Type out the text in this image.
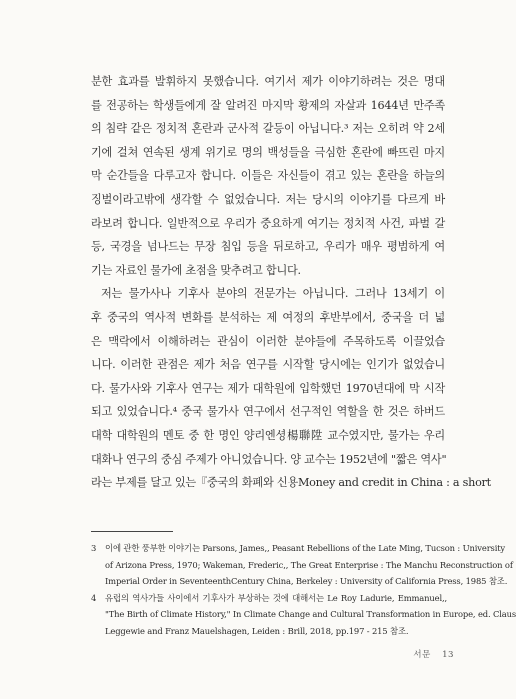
분한 효과를 발휘하지 못했습니다. 여기서 제가 이야기하려는 것은 명대
를 전공하는 학생들에게 잘 알려진 마지막 황제의 자살과 1644년 만주족
의 침략 같은 정치적 혼란과 군사적 갈등이 아닙니다.³ 저는 오히려 약 2세
기에 걸쳐 연속된 생계 위기로 명의 백성들을 극심한 혼란에 빠뜨린 마지
막 순간들을 다루고자 합니다. 이들은 자신들이 겪고 있는 혼란을 하늘의
징벌이라고밖에 생각할 수 없었습니다. 저는 당시의 이야기를 다르게 바
라보려 합니다. 일반적으로 우리가 중요하게 여기는 정치적 사건, 파벌 갈
등, 국경을 넘나드는 무장 침입 등을 뒤로하고, 우리가 매우 평범하게 여
기는 자료인 물가에 초점을 맞추려고 합니다.
저는 물가사나 기후사 분야의 전문가는 아닙니다. 그러나 13세기 이
후 중국의 역사적 변화를 분석하는 제 여정의 후반부에서, 중국을 더 넓
은 맥락에서 이해하려는 관심이 이러한 분야들에 주목하도록 이끌었습
니다. 이러한 관점은 제가 처음 연구를 시작할 당시에는 인기가 없었습니
다. 물가사와 기후사 연구는 제가 대학원에 입학했던 1970년대에 막 시작
되고 있었습니다.⁴ 중국 물가사 연구에서 선구적인 역할을 한 것은 하버드
대학 대학원의 멘토 중 한 명인 양리엔셩楊聯陞 교수였지만, 물가는 우리
대화나 연구의 중심 주제가 아니었습니다. 양 교수는 1952년에 "짧은 역사"
라는 부제를 달고 있는『중국의 화폐와 신용Money and credit in China : a short
3 이에 관한 풍부한 이야기는 Parsons, James,, Peasant Rebellions of the Late Ming, Tucson : University
of Arizona Press, 1970; Wakeman, Frederic,, The Great Enterprise : The Manchu Reconstruction of
Imperial Order in SeventeenthCentury China, Berkeley : University of California Press, 1985 참조.
4 유럽의 역사가들 사이에서 기후사가 부상하는 것에 대해서는 Le Roy Ladurie, Emmanuel,,
"The Birth of Climate History," In Climate Change and Cultural Transformation in Europe, ed. Claus
Leggewie and Franz Mauelshagen, Leiden : Brill, 2018, pp.197 - 215 참조.
서문 13
